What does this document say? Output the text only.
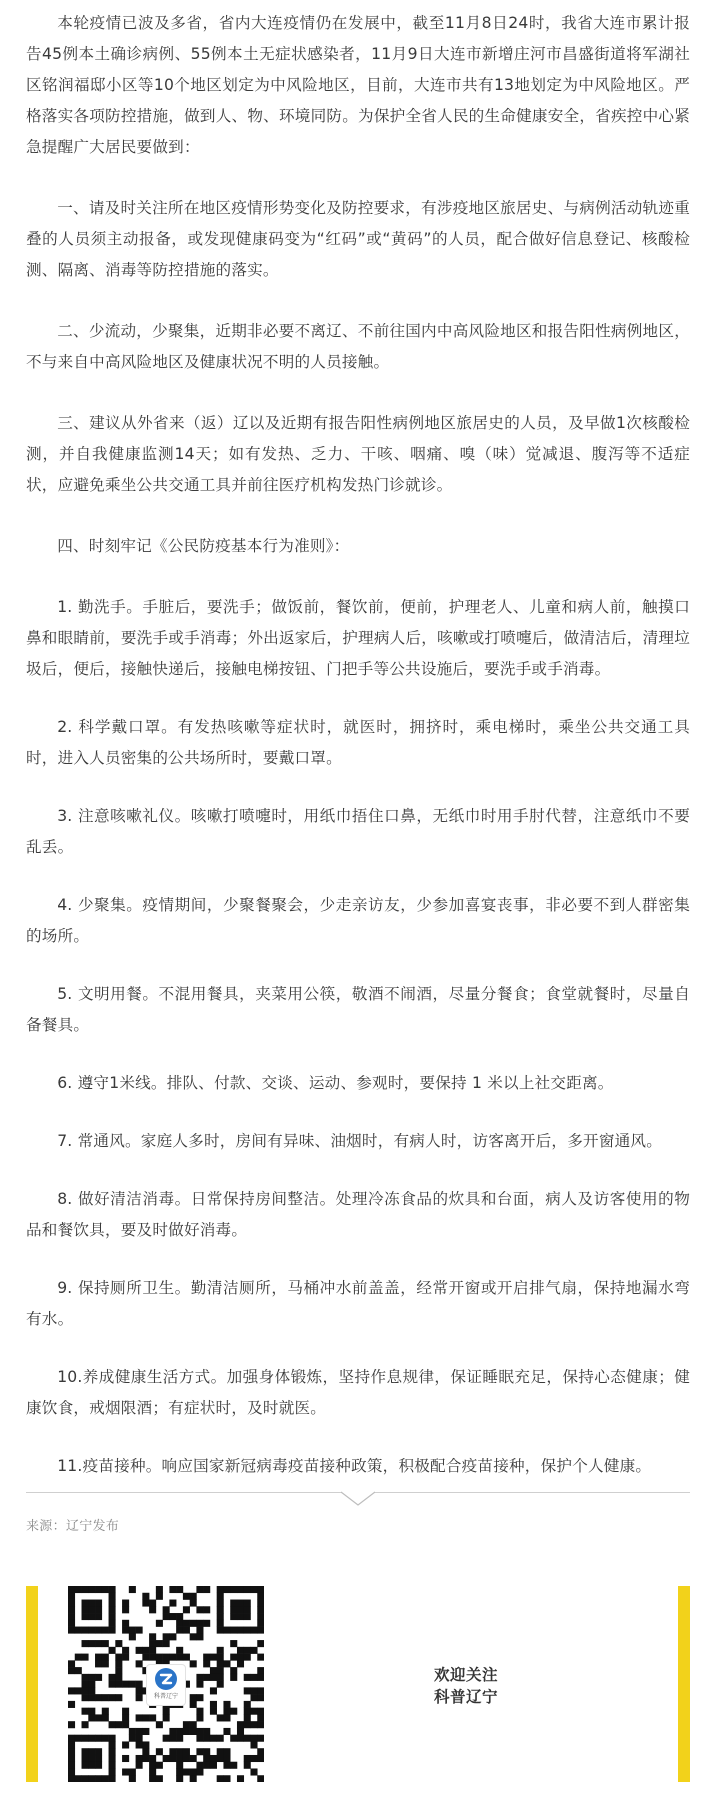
本轮疫情已波及多省，省内大连疫情仍在发展中，截至11月8日24时，我省大连市累计报告45例本土确诊病例、55例本土无症状感染者，11月9日大连市新增庄河市昌盛街道将军湖社区铭润福邸小区等10个地区划定为中风险地区，目前，大连市共有13地划定为中风险地区。严格落实各项防控措施，做到人、物、环境同防。为保护全省人民的生命健康安全，省疾控中心紧急提醒广大居民要做到：

一、请及时关注所在地区疫情形势变化及防控要求，有涉疫地区旅居史、与病例活动轨迹重叠的人员须主动报备，或发现健康码变为“红码”或“黄码”的人员，配合做好信息登记、核酸检测、隔离、消毒等防控措施的落实。

二、少流动，少聚集，近期非必要不离辽、不前往国内中高风险地区和报告阳性病例地区，不与来自中高风险地区及健康状况不明的人员接触。

三、建议从外省来（返）辽以及近期有报告阳性病例地区旅居史的人员，及早做1次核酸检测，并自我健康监测14天；如有发热、乏力、干咳、咽痛、嗅（味）觉减退、腹泻等不适症状，应避免乘坐公共交通工具并前往医疗机构发热门诊就诊。

四、时刻牢记《公民防疫基本行为准则》：

1. 勤洗手。手脏后，要洗手；做饭前，餐饮前，便前，护理老人、儿童和病人前，触摸口鼻和眼睛前，要洗手或手消毒；外出返家后，护理病人后，咳嗽或打喷嚏后，做清洁后，清理垃圾后，便后，接触快递后，接触电梯按钮、门把手等公共设施后，要洗手或手消毒。

2. 科学戴口罩。有发热咳嗽等症状时，就医时，拥挤时，乘电梯时，乘坐公共交通工具时，进入人员密集的公共场所时，要戴口罩。

3. 注意咳嗽礼仪。咳嗽打喷嚏时，用纸巾捂住口鼻，无纸巾时用手肘代替，注意纸巾不要乱丢。

4. 少聚集。疫情期间，少聚餐聚会，少走亲访友，少参加喜宴丧事，非必要不到人群密集的场所。

5. 文明用餐。不混用餐具，夹菜用公筷，敬酒不闹酒，尽量分餐食；食堂就餐时，尽量自备餐具。

6. 遵守1米线。排队、付款、交谈、运动、参观时，要保持 1 米以上社交距离。

7. 常通风。家庭人多时，房间有异味、油烟时，有病人时，访客离开后，多开窗通风。

8. 做好清洁消毒。日常保持房间整洁。处理冷冻食品的炊具和台面，病人及访客使用的物品和餐饮具，要及时做好消毒。

9. 保持厕所卫生。勤清洁厕所，马桶冲水前盖盖，经常开窗或开启排气扇，保持地漏水弯有水。

10.养成健康生活方式。加强身体锻炼，坚持作息规律，保证睡眠充足，保持心态健康；健康饮食，戒烟限酒；有症状时，及时就医。

11.疫苗接种。响应国家新冠病毒疫苗接种政策，积极配合疫苗接种，保护个人健康。

来源：辽宁发布
科普辽宁
欢迎关注
科普辽宁
